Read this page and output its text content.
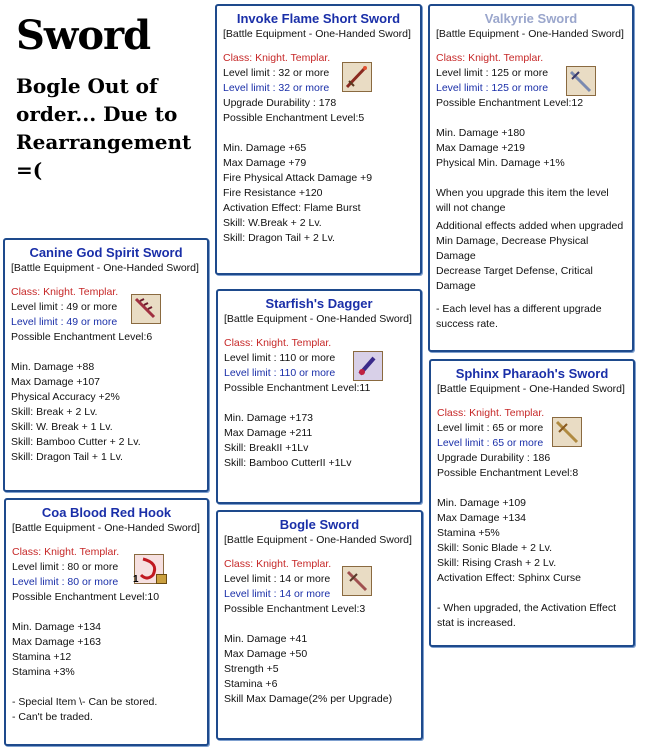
Sword
Bogle Out of order... Due to Rearrangement =(
Invoke Flame Short Sword
[Battle Equipment - One-Handed Sword]
Class: Knight. Templar.
Level limit : 32 or more
Level limit : 32 or more
Upgrade Durability : 178
Possible Enchantment Level:5
Min. Damage +65
Max Damage +79
Fire Physical Attack Damage +9
Fire Resistance +120
Activation Effect: Flame Burst
Skill: W.Break + 2 Lv.
Skill: Dragon Tail + 2 Lv.
Valkyrie Sword
[Battle Equipment - One-Handed Sword]
Class: Knight. Templar.
Level limit : 125 or more
Level limit : 125 or more
Possible Enchantment Level:12
Min. Damage +180
Max Damage +219
Physical Min. Damage +1%
When you upgrade this item the level will not change
Additional effects added when upgraded
Min Damage, Decrease Physical Damage
Decrease Target Defense, Critical Damage
- Each level has a different upgrade success rate.
Canine God Spirit Sword
[Battle Equipment - One-Handed Sword]
Class: Knight. Templar.
Level limit : 49 or more
Level limit : 49 or more
Possible Enchantment Level:6
Min. Damage +88
Max Damage +107
Physical Accuracy +2%
Skill: Break + 2 Lv.
Skill: W. Break + 1 Lv.
Skill: Bamboo Cutter + 2 Lv.
Skill: Dragon Tail + 1 Lv.
Starfish's Dagger
[Battle Equipment - One-Handed Sword]
Class: Knight. Templar.
Level limit : 110 or more
Level limit : 110 or more
Possible Enchantment Level:11
Min. Damage +173
Max Damage +211
Skill: BreakII +1Lv
Skill: Bamboo CutterII +1Lv
Sphinx Pharaoh's Sword
[Battle Equipment - One-Handed Sword]
Class: Knight. Templar.
Level limit : 65 or more
Level limit : 65 or more
Upgrade Durability : 186
Possible Enchantment Level:8
Min. Damage +109
Max Damage +134
Stamina +5%
Skill: Sonic Blade + 2 Lv.
Skill: Rising Crash + 2 Lv.
Activation Effect: Sphinx Curse
- When upgraded, the Activation Effect stat is increased.
Coa Blood Red Hook
[Battle Equipment - One-Handed Sword]
Class: Knight. Templar.
Level limit : 80 or more
Level limit : 80 or more
Possible Enchantment Level:10
Min. Damage +134
Max Damage +163
Stamina +12
Stamina +3%
- Special Item \- Can be stored.
- Can't be traded.
1
Bogle Sword
[Battle Equipment - One-Handed Sword]
Class: Knight. Templar.
Level limit : 14 or more
Level limit : 14 or more
Possible Enchantment Level:3
Min. Damage +41
Max Damage +50
Strength +5
Stamina +6
Skill Max Damage(2% per Upgrade)
